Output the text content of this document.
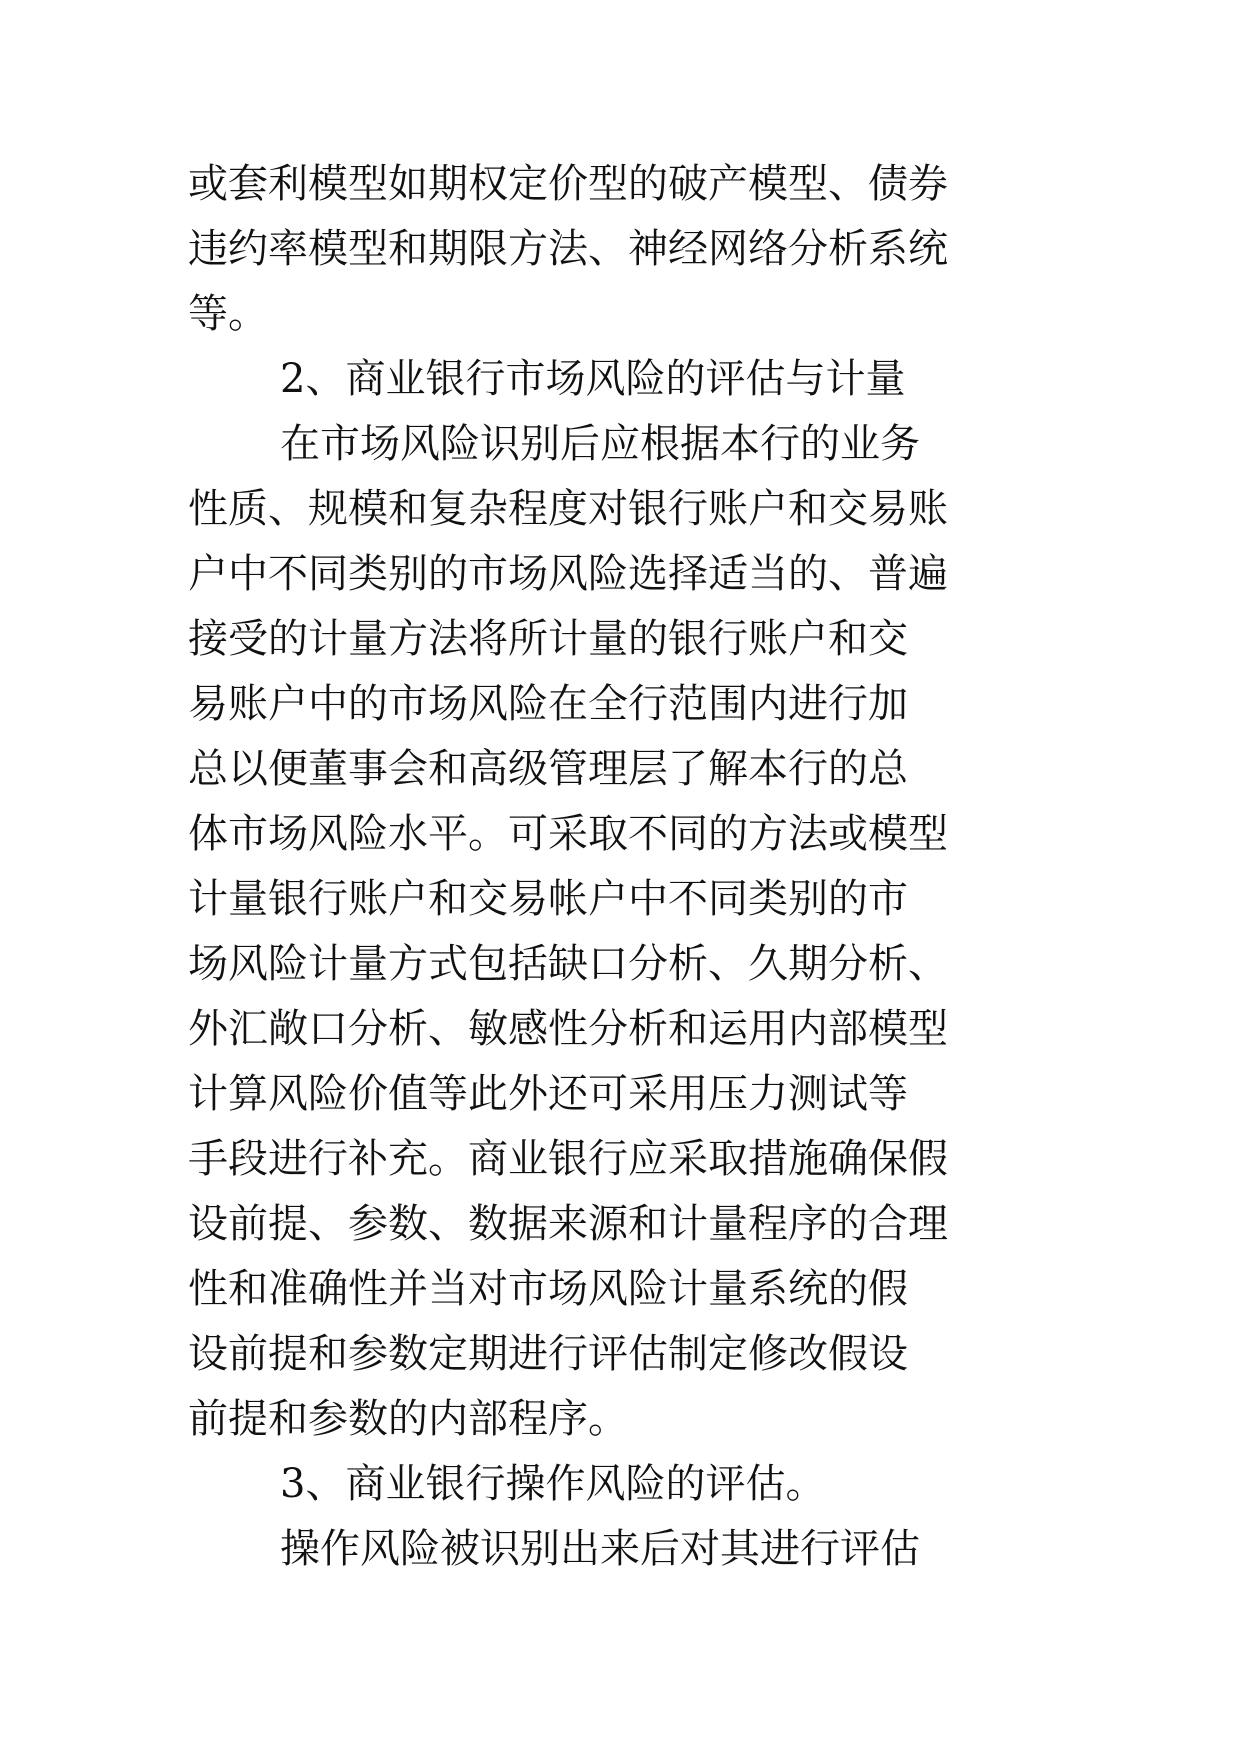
或套利模型如期权定价型的破产模型、债券
违约率模型和期限方法、神经网络分析系统
等。
2、商业银行市场风险的评估与计量
在市场风险识别后应根据本行的业务
性质、规模和复杂程度对银行账户和交易账
户中不同类别的市场风险选择适当的、普遍
接受的计量方法将所计量的银行账户和交
易账户中的市场风险在全行范围内进行加
总以便董事会和高级管理层了解本行的总
体市场风险水平。可采取不同的方法或模型
计量银行账户和交易帐户中不同类别的市
场风险计量方式包括缺口分析、久期分析、
外汇敞口分析、敏感性分析和运用内部模型
计算风险价值等此外还可采用压力测试等
手段进行补充。商业银行应采取措施确保假
设前提、参数、数据来源和计量程序的合理
性和准确性并当对市场风险计量系统的假
设前提和参数定期进行评估制定修改假设
前提和参数的内部程序。
3、商业银行操作风险的评估。
操作风险被识别出来后对其进行评估
